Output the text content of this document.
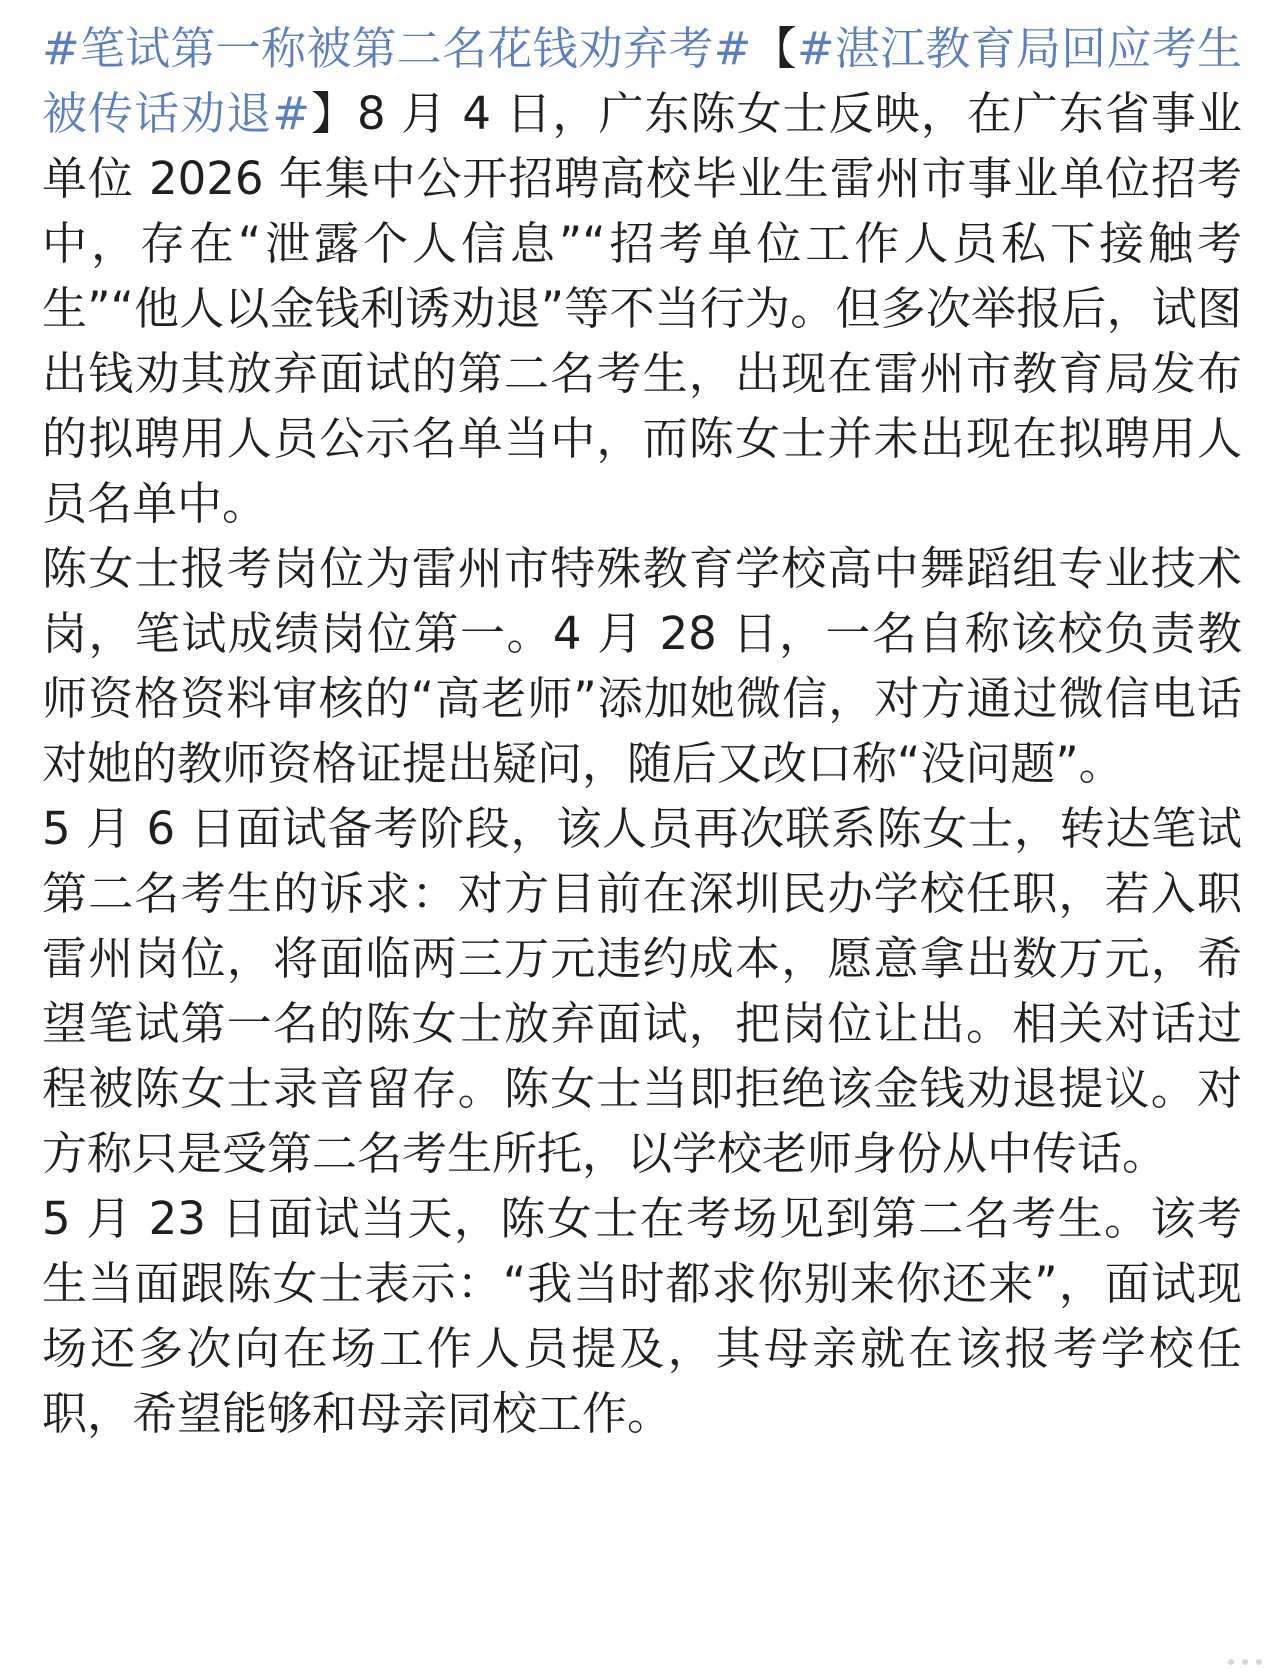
#笔试第一称被第二名花钱劝弃考#【#湛江教育局回应考生被传话劝退#】8 月 4 日，广东陈女士反映，在广东省事业单位 2026 年集中公开招聘高校毕业生雷州市事业单位招考中，存在“泄露个人信息”“招考单位工作人员私下接触考生”“他人以金钱利诱劝退”等不当行为。但多次举报后，试图出钱劝其放弃面试的第二名考生，出现在雷州市教育局发布的拟聘用人员公示名单当中，而陈女士并未出现在拟聘用人员名单中。

陈女士报考岗位为雷州市特殊教育学校高中舞蹈组专业技术岗，笔试成绩岗位第一。4 月 28 日，一名自称该校负责教师资格资料审核的“高老师”添加她微信，对方通过微信电话对她的教师资格证提出疑问，随后又改口称“没问题”。

5 月 6 日面试备考阶段，该人员再次联系陈女士，转达笔试第二名考生的诉求：对方目前在深圳民办学校任职，若入职雷州岗位，将面临两三万元违约成本，愿意拿出数万元，希望笔试第一名的陈女士放弃面试，把岗位让出。相关对话过程被陈女士录音留存。陈女士当即拒绝该金钱劝退提议。对方称只是受第二名考生所托，以学校老师身份从中传话。

5 月 23 日面试当天，陈女士在考场见到第二名考生。该考生当面跟陈女士表示：“我当时都求你别来你还来”，面试现场还多次向在场工作人员提及，其母亲就在该报考学校任职，希望能够和母亲同校工作。
